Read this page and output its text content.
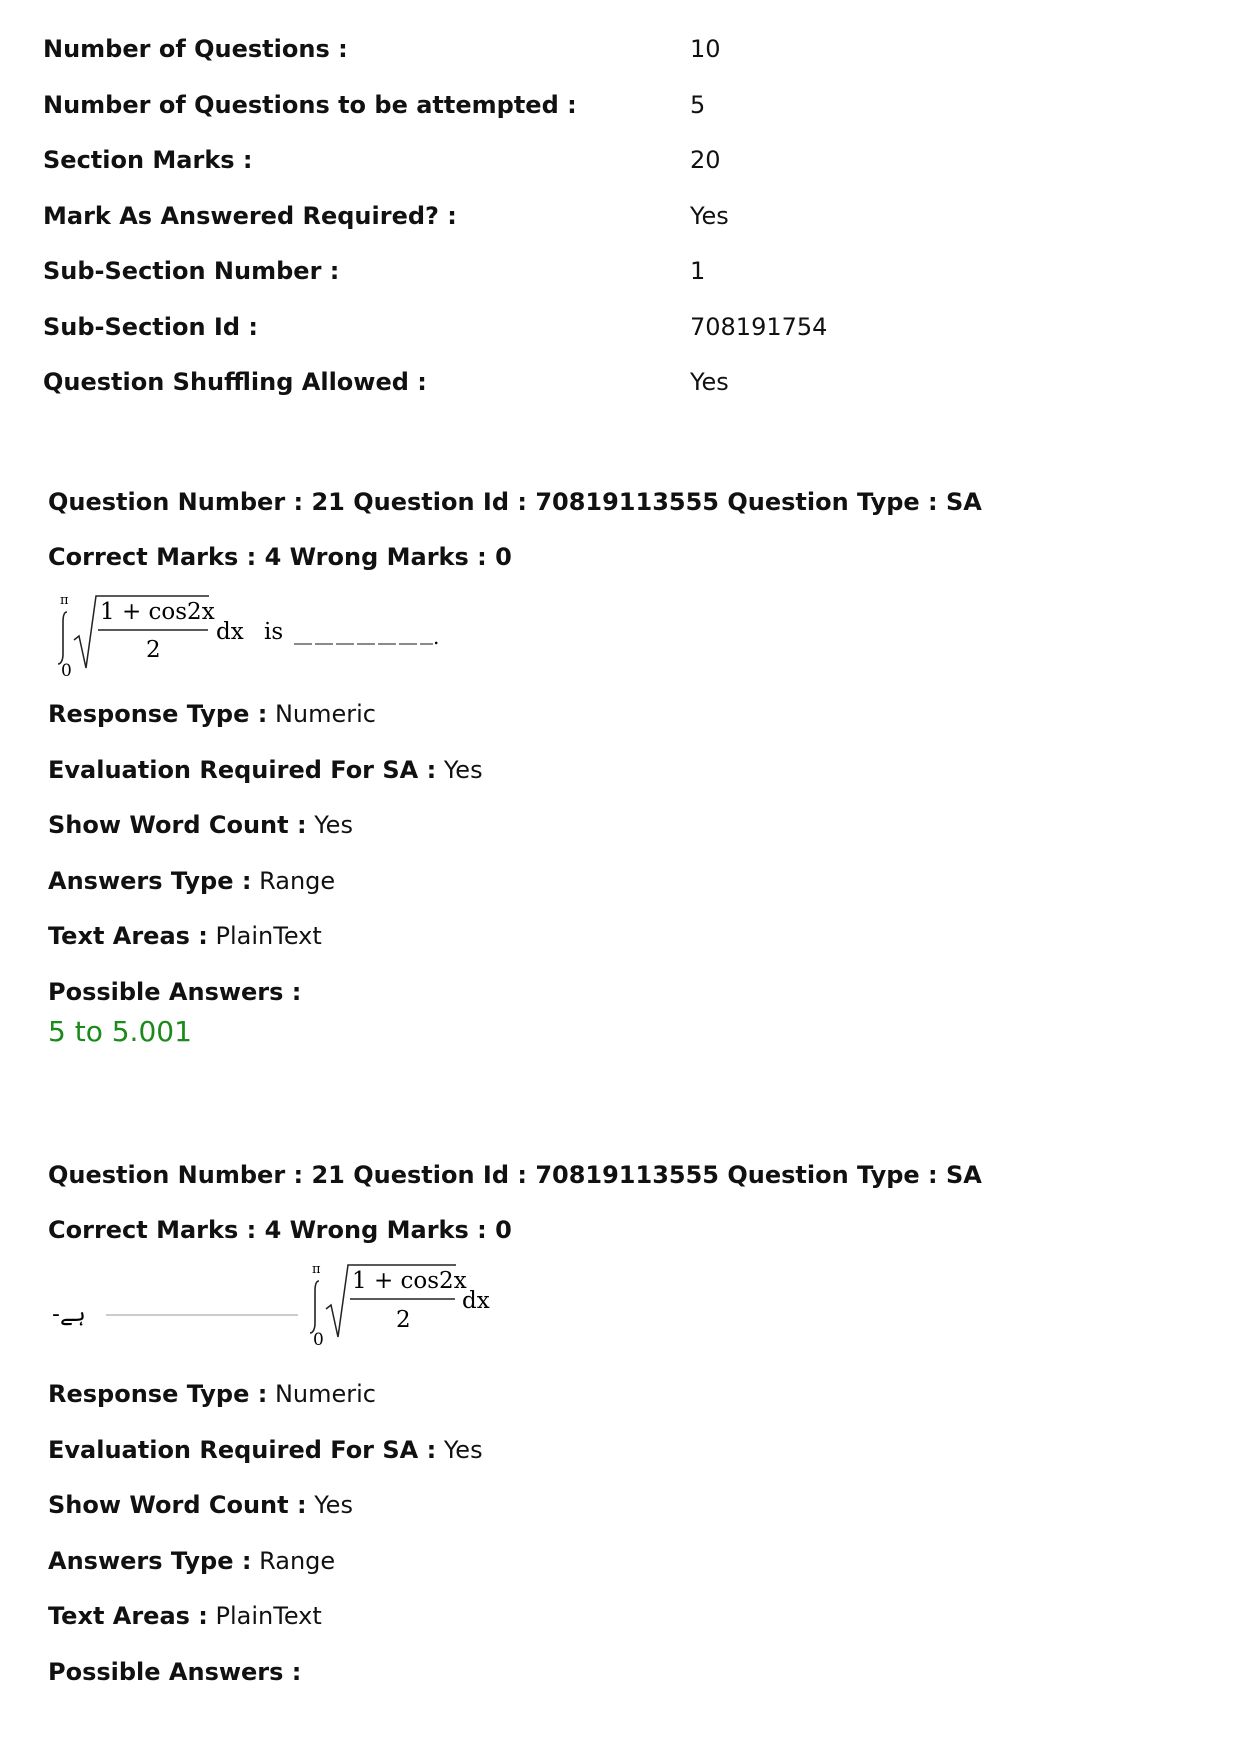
Number of Questions :	10
Number of Questions to be attempted :	5
Section Marks :	20
Mark As Answered Required? :	Yes
Sub-Section Number :	1
Sub-Section Id :	708191754
Question Shuffling Allowed :	Yes
Question Number : 21 Question Id : 70819113555 Question Type : SA
Correct Marks : 4 Wrong Marks : 0
π
0
1 + cos2x
2
dx is	.
Response Type : Numeric
Evaluation Required For SA : Yes
Show Word Count : Yes
Answers Type : Range
Text Areas : PlainText
Possible Answers :
5 to 5.001
Question Number : 21 Question Id : 70819113555 Question Type : SA
Correct Marks : 4 Wrong Marks : 0
-ہے
π
0
1 + cos2x
2
dx
Response Type : Numeric
Evaluation Required For SA : Yes
Show Word Count : Yes
Answers Type : Range
Text Areas : PlainText
Possible Answers :
